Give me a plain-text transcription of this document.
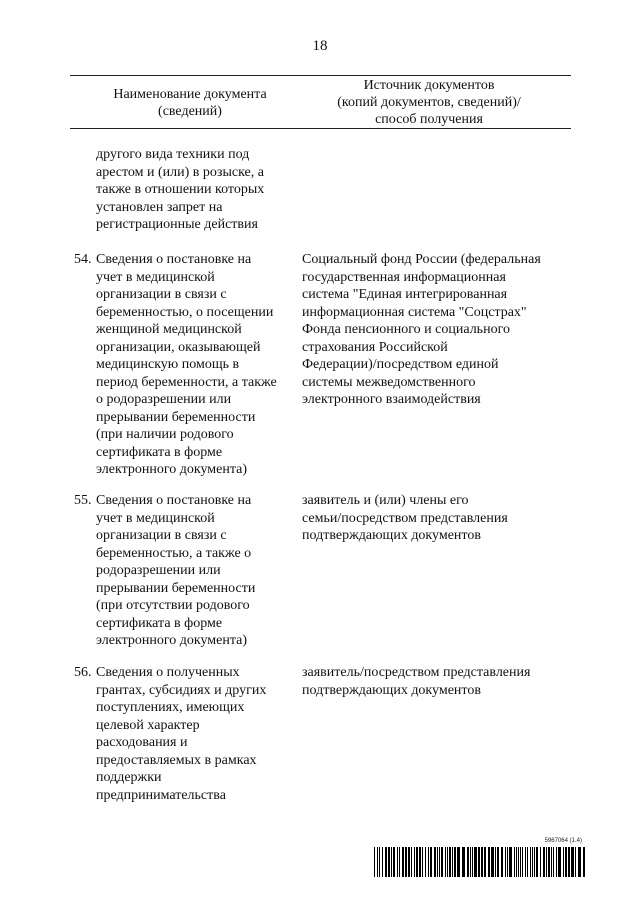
18
Наименование документа
(сведений)
Источник документов
(копий документов, сведений)/
способ получения
другого вида техники под
арестом и (или) в розыске, а
также в отношении которых
установлен запрет на
регистрационные действия
54. Сведения о постановке на
учет в медицинской
организации в связи с
беременностью, о посещении
женщиной медицинской
организации, оказывающей
медицинскую помощь в
период беременности, а также
о родоразрешении или
прерывании беременности
(при наличии родового
сертификата в форме
электронного документа)
Социальный фонд России (федеральная
государственная информационная
система "Единая интегрированная
информационная система "Соцстрах"
Фонда пенсионного и социального
страхования Российской
Федерации)/посредством единой
системы межведомственного
электронного взаимодействия
55. Сведения о постановке на
учет в медицинской
организации в связи с
беременностью, а также о
родоразрешении или
прерывании беременности
(при отсутствии родового
сертификата в форме
электронного документа)
заявитель и (или) члены его
семьи/посредством представления
подтверждающих документов
56. Сведения о полученных
грантах, субсидиях и других
поступлениях, имеющих
целевой характер
расходования и
предоставляемых в рамках
поддержки
предпринимательства
заявитель/посредством представления
подтверждающих документов
5967064 (1.4)
